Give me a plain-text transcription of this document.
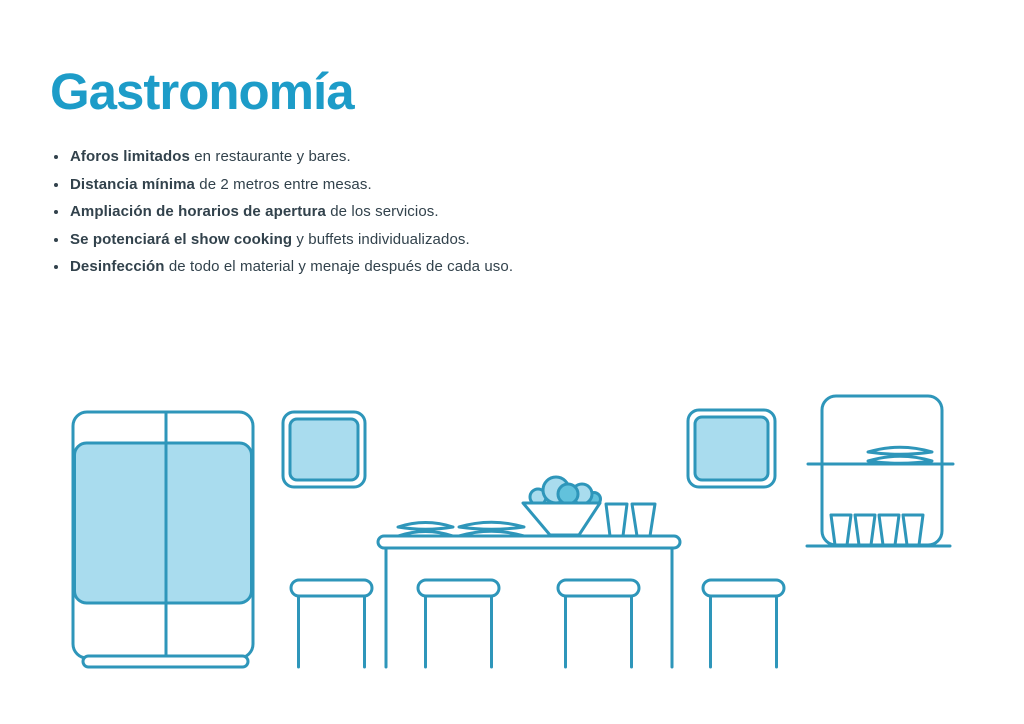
Gastronomía
Aforos limitados en restaurante y bares.
Distancia mínima de 2 metros entre mesas.
Ampliación de horarios de apertura de los servicios.
Se potenciará el show cooking y buffets individualizados.
Desinfección de todo el material y menaje después de cada uso.
